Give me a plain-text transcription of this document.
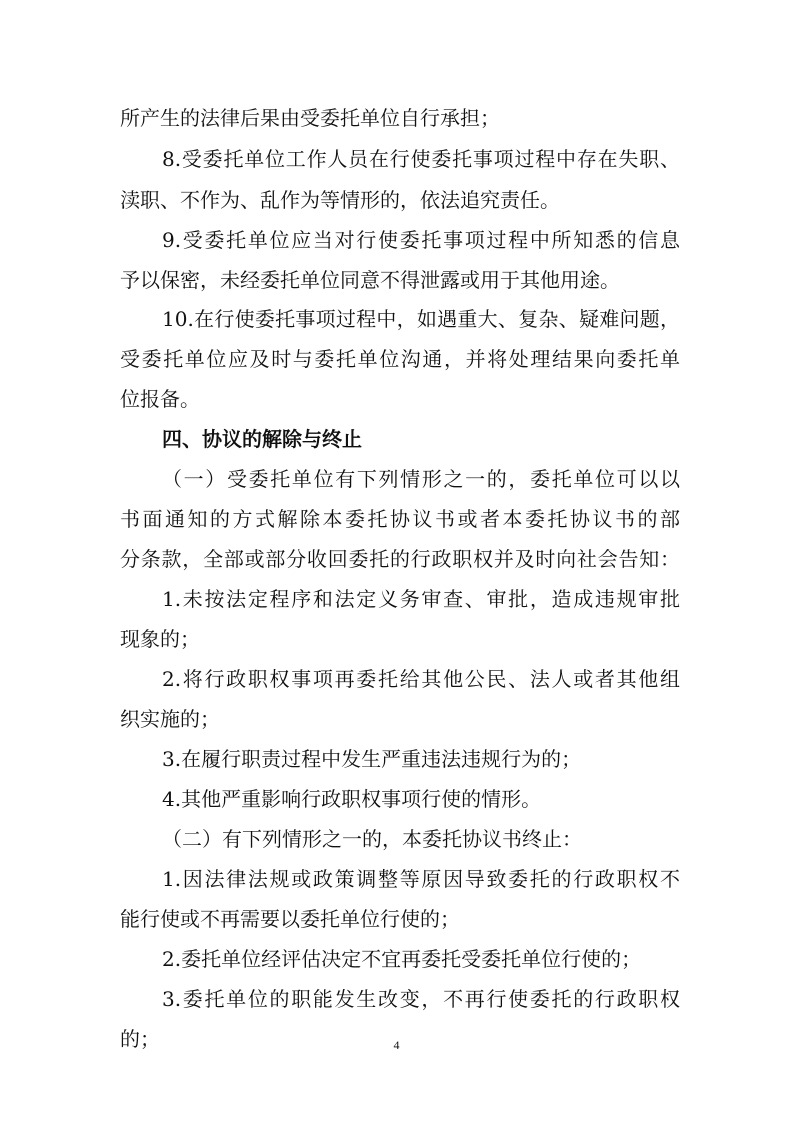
所产生的法律后果由受委托单位自行承担；
8.受委托单位工作人员在行使委托事项过程中存在失职、
渎职、不作为、乱作为等情形的，依法追究责任。
9.受委托单位应当对行使委托事项过程中所知悉的信息
予以保密，未经委托单位同意不得泄露或用于其他用途。
10.在行使委托事项过程中，如遇重大、复杂、疑难问题，
受委托单位应及时与委托单位沟通，并将处理结果向委托单
位报备。
四、协议的解除与终止
（一）受委托单位有下列情形之一的，委托单位可以以
书面通知的方式解除本委托协议书或者本委托协议书的部
分条款，全部或部分收回委托的行政职权并及时向社会告知：
1.未按法定程序和法定义务审查、审批，造成违规审批
现象的；
2.将行政职权事项再委托给其他公民、法人或者其他组
织实施的；
3.在履行职责过程中发生严重违法违规行为的；
4.其他严重影响行政职权事项行使的情形。
（二）有下列情形之一的，本委托协议书终止：
1.因法律法规或政策调整等原因导致委托的行政职权不
能行使或不再需要以委托单位行使的；
2.委托单位经评估决定不宜再委托受委托单位行使的；
3.委托单位的职能发生改变，不再行使委托的行政职权
的；	4
